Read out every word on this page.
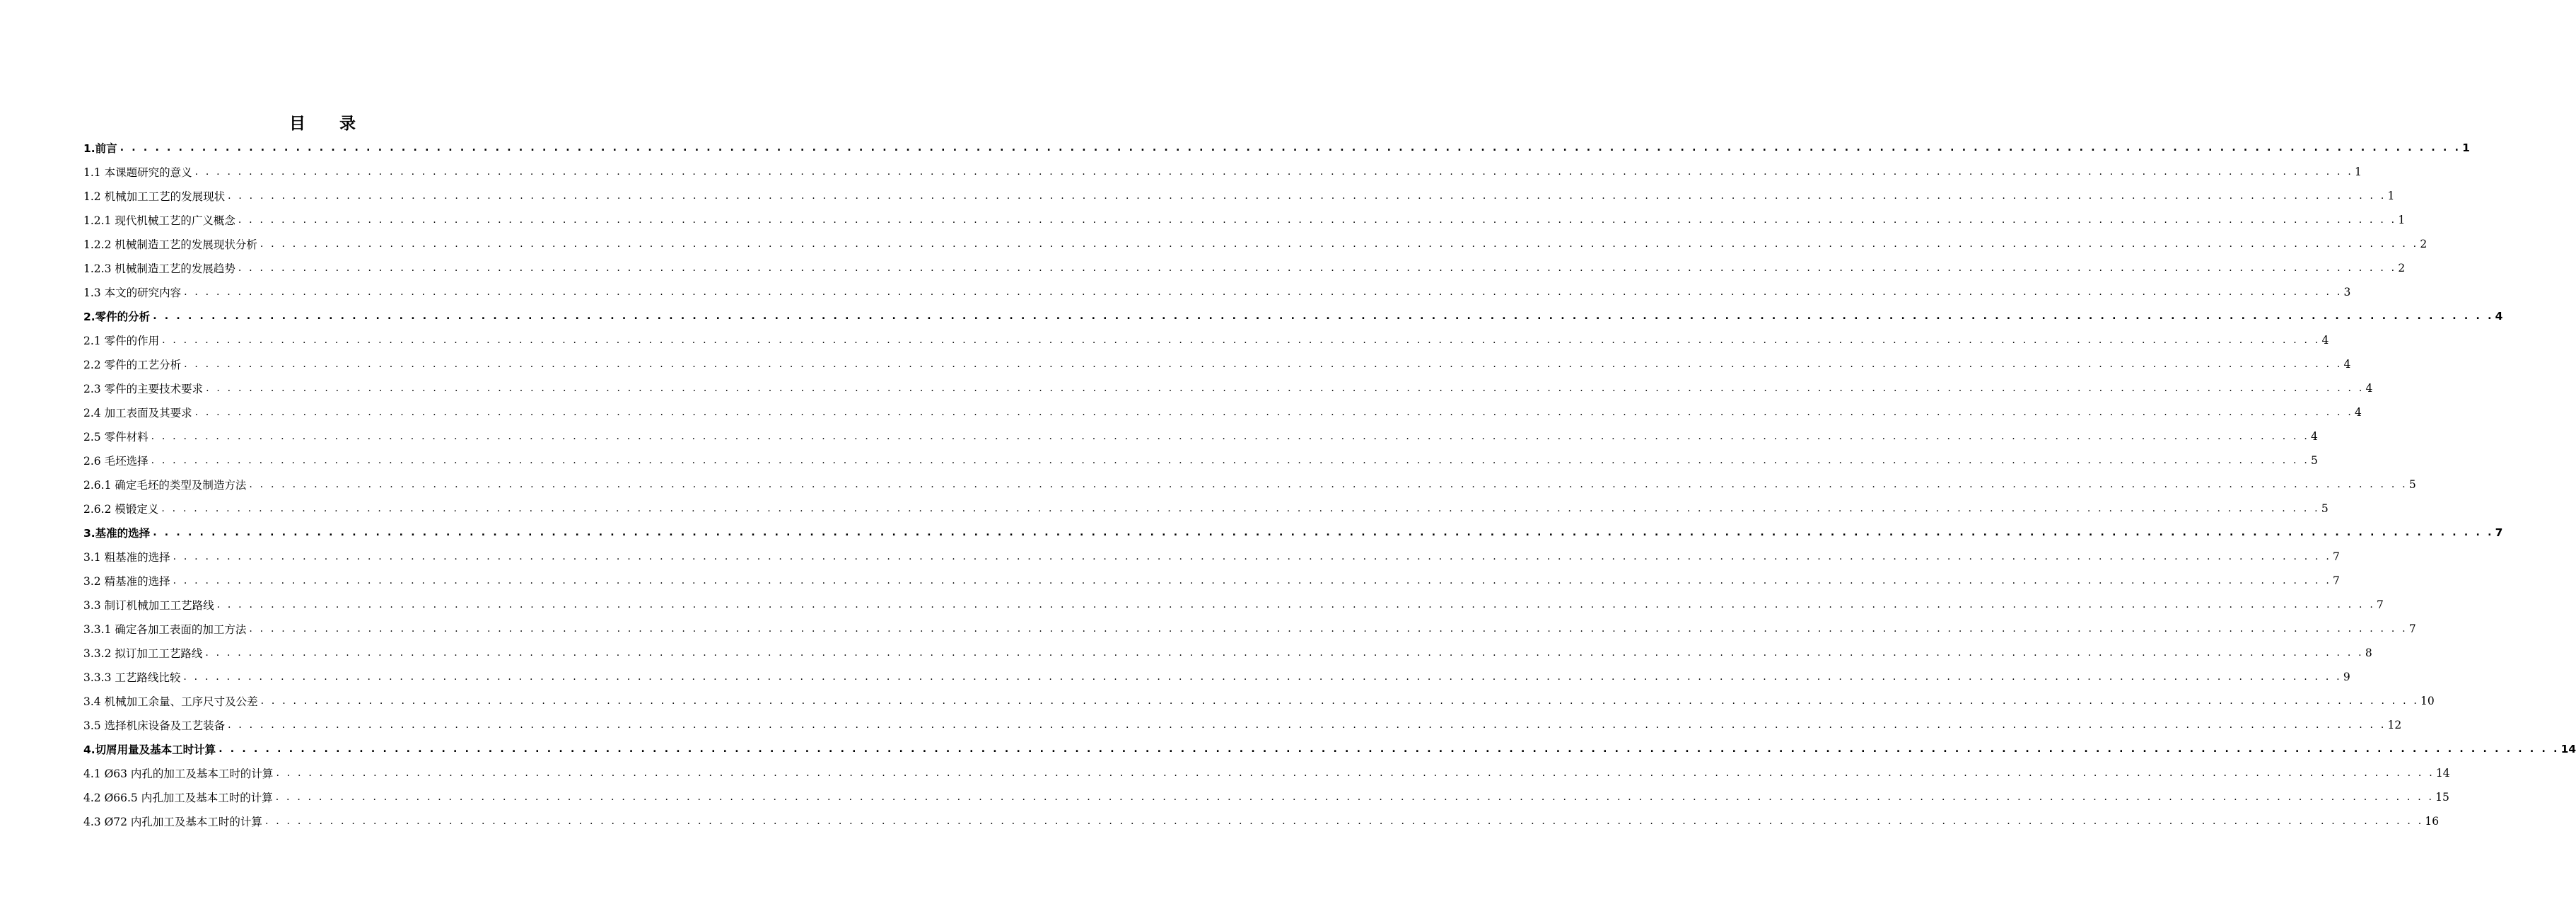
目 录
1.前言 . . . . . . . . . . . . . . . . . . . . . . . . . . . . . . . . . . . . . . . . . . . . . . . . . . . . . . . . . . . . . . . . . . . . . . . . . . . . . . . . . . . . . . . . . . . . . . . . . . . . . . . . . . . . . . . . . . . . . . . . . . . . . . . . . . . . . . . . . . . . . . . . . . . . . . . . . . . . . . . . . . . . . . . . . . . . . . . . . . . . . . . . . . . . . . . . . . . . . . . . 1
1.1 本课题研究的意义 . . . . . . . . . . . . . . . . . . . . . . . . . . . . . . . . . . . . . . . . . . . . . . . . . . . . . . . . . . . . . . . . . . . . . . . . . . . . . . . . . . . . . . . . . . . . . . . . . . . . . . . . . . . . . . . . . . . . . . . . . . . . . . . . . . . . . . . . . . . . . . . . . . . . . . . . . . . . . . . . . . . . . . . . . . . . . . . . . . . . . . . . . . . . . . . . . . . . . . . . 1
1.2 机械加工工艺的发展现状 . . . . . . . . . . . . . . . . . . . . . . . . . . . . . . . . . . . . . . . . . . . . . . . . . . . . . . . . . . . . . . . . . . . . . . . . . . . . . . . . . . . . . . . . . . . . . . . . . . . . . . . . . . . . . . . . . . . . . . . . . . . . . . . . . . . . . . . . . . . . . . . . . . . . . . . . . . . . . . . . . . . . . . . . . . . . . . . . . . . . . . . . . . . . . . . . . . . . . . . . 1
1.2.1 现代机械工艺的广义概念 . . . . . . . . . . . . . . . . . . . . . . . . . . . . . . . . . . . . . . . . . . . . . . . . . . . . . . . . . . . . . . . . . . . . . . . . . . . . . . . . . . . . . . . . . . . . . . . . . . . . . . . . . . . . . . . . . . . . . . . . . . . . . . . . . . . . . . . . . . . . . . . . . . . . . . . . . . . . . . . . . . . . . . . . . . . . . . . . . . . . . . . . . . . . . . . . . . . . . . . . 1
1.2.2 机械制造工艺的发展现状分析 . . . . . . . . . . . . . . . . . . . . . . . . . . . . . . . . . . . . . . . . . . . . . . . . . . . . . . . . . . . . . . . . . . . . . . . . . . . . . . . . . . . . . . . . . . . . . . . . . . . . . . . . . . . . . . . . . . . . . . . . . . . . . . . . . . . . . . . . . . . . . . . . . . . . . . . . . . . . . . . . . . . . . . . . . . . . . . . . . . . . . . . . . . . . . . . . . . . . . . . . 2
1.2.3 机械制造工艺的发展趋势 . . . . . . . . . . . . . . . . . . . . . . . . . . . . . . . . . . . . . . . . . . . . . . . . . . . . . . . . . . . . . . . . . . . . . . . . . . . . . . . . . . . . . . . . . . . . . . . . . . . . . . . . . . . . . . . . . . . . . . . . . . . . . . . . . . . . . . . . . . . . . . . . . . . . . . . . . . . . . . . . . . . . . . . . . . . . . . . . . . . . . . . . . . . . . . . . . . . . . . . . 2
1.3 本文的研究内容 . . . . . . . . . . . . . . . . . . . . . . . . . . . . . . . . . . . . . . . . . . . . . . . . . . . . . . . . . . . . . . . . . . . . . . . . . . . . . . . . . . . . . . . . . . . . . . . . . . . . . . . . . . . . . . . . . . . . . . . . . . . . . . . . . . . . . . . . . . . . . . . . . . . . . . . . . . . . . . . . . . . . . . . . . . . . . . . . . . . . . . . . . . . . . . . . . . . . . . . . 3
2.零件的分析 . . . . . . . . . . . . . . . . . . . . . . . . . . . . . . . . . . . . . . . . . . . . . . . . . . . . . . . . . . . . . . . . . . . . . . . . . . . . . . . . . . . . . . . . . . . . . . . . . . . . . . . . . . . . . . . . . . . . . . . . . . . . . . . . . . . . . . . . . . . . . . . . . . . . . . . . . . . . . . . . . . . . . . . . . . . . . . . . . . . . . . . . . . . . . . . . . . . . . . . . 4
2.1 零件的作用 . . . . . . . . . . . . . . . . . . . . . . . . . . . . . . . . . . . . . . . . . . . . . . . . . . . . . . . . . . . . . . . . . . . . . . . . . . . . . . . . . . . . . . . . . . . . . . . . . . . . . . . . . . . . . . . . . . . . . . . . . . . . . . . . . . . . . . . . . . . . . . . . . . . . . . . . . . . . . . . . . . . . . . . . . . . . . . . . . . . . . . . . . . . . . . . . . . . . . . . . 4
2.2 零件的工艺分析 . . . . . . . . . . . . . . . . . . . . . . . . . . . . . . . . . . . . . . . . . . . . . . . . . . . . . . . . . . . . . . . . . . . . . . . . . . . . . . . . . . . . . . . . . . . . . . . . . . . . . . . . . . . . . . . . . . . . . . . . . . . . . . . . . . . . . . . . . . . . . . . . . . . . . . . . . . . . . . . . . . . . . . . . . . . . . . . . . . . . . . . . . . . . . . . . . . . . . . . . 4
2.3 零件的主要技术要求 . . . . . . . . . . . . . . . . . . . . . . . . . . . . . . . . . . . . . . . . . . . . . . . . . . . . . . . . . . . . . . . . . . . . . . . . . . . . . . . . . . . . . . . . . . . . . . . . . . . . . . . . . . . . . . . . . . . . . . . . . . . . . . . . . . . . . . . . . . . . . . . . . . . . . . . . . . . . . . . . . . . . . . . . . . . . . . . . . . . . . . . . . . . . . . . . . . . . . . . . 4
2.4 加工表面及其要求 . . . . . . . . . . . . . . . . . . . . . . . . . . . . . . . . . . . . . . . . . . . . . . . . . . . . . . . . . . . . . . . . . . . . . . . . . . . . . . . . . . . . . . . . . . . . . . . . . . . . . . . . . . . . . . . . . . . . . . . . . . . . . . . . . . . . . . . . . . . . . . . . . . . . . . . . . . . . . . . . . . . . . . . . . . . . . . . . . . . . . . . . . . . . . . . . . . . . . . . . 4
2.5 零件材料 . . . . . . . . . . . . . . . . . . . . . . . . . . . . . . . . . . . . . . . . . . . . . . . . . . . . . . . . . . . . . . . . . . . . . . . . . . . . . . . . . . . . . . . . . . . . . . . . . . . . . . . . . . . . . . . . . . . . . . . . . . . . . . . . . . . . . . . . . . . . . . . . . . . . . . . . . . . . . . . . . . . . . . . . . . . . . . . . . . . . . . . . . . . . . . . . . . . . . . . . 4
2.6 毛坯选择 . . . . . . . . . . . . . . . . . . . . . . . . . . . . . . . . . . . . . . . . . . . . . . . . . . . . . . . . . . . . . . . . . . . . . . . . . . . . . . . . . . . . . . . . . . . . . . . . . . . . . . . . . . . . . . . . . . . . . . . . . . . . . . . . . . . . . . . . . . . . . . . . . . . . . . . . . . . . . . . . . . . . . . . . . . . . . . . . . . . . . . . . . . . . . . . . . . . . . . . . 5
2.6.1 确定毛坯的类型及制造方法 . . . . . . . . . . . . . . . . . . . . . . . . . . . . . . . . . . . . . . . . . . . . . . . . . . . . . . . . . . . . . . . . . . . . . . . . . . . . . . . . . . . . . . . . . . . . . . . . . . . . . . . . . . . . . . . . . . . . . . . . . . . . . . . . . . . . . . . . . . . . . . . . . . . . . . . . . . . . . . . . . . . . . . . . . . . . . . . . . . . . . . . . . . . . . . . . . . . . . . . . 5
2.6.2 模锻定义 . . . . . . . . . . . . . . . . . . . . . . . . . . . . . . . . . . . . . . . . . . . . . . . . . . . . . . . . . . . . . . . . . . . . . . . . . . . . . . . . . . . . . . . . . . . . . . . . . . . . . . . . . . . . . . . . . . . . . . . . . . . . . . . . . . . . . . . . . . . . . . . . . . . . . . . . . . . . . . . . . . . . . . . . . . . . . . . . . . . . . . . . . . . . . . . . . . . . . . . . 5
3.基准的选择 . . . . . . . . . . . . . . . . . . . . . . . . . . . . . . . . . . . . . . . . . . . . . . . . . . . . . . . . . . . . . . . . . . . . . . . . . . . . . . . . . . . . . . . . . . . . . . . . . . . . . . . . . . . . . . . . . . . . . . . . . . . . . . . . . . . . . . . . . . . . . . . . . . . . . . . . . . . . . . . . . . . . . . . . . . . . . . . . . . . . . . . . . . . . . . . . . . . . . . . . 7
3.1 粗基准的选择 . . . . . . . . . . . . . . . . . . . . . . . . . . . . . . . . . . . . . . . . . . . . . . . . . . . . . . . . . . . . . . . . . . . . . . . . . . . . . . . . . . . . . . . . . . . . . . . . . . . . . . . . . . . . . . . . . . . . . . . . . . . . . . . . . . . . . . . . . . . . . . . . . . . . . . . . . . . . . . . . . . . . . . . . . . . . . . . . . . . . . . . . . . . . . . . . . . . . . . . . 7
3.2 精基准的选择 . . . . . . . . . . . . . . . . . . . . . . . . . . . . . . . . . . . . . . . . . . . . . . . . . . . . . . . . . . . . . . . . . . . . . . . . . . . . . . . . . . . . . . . . . . . . . . . . . . . . . . . . . . . . . . . . . . . . . . . . . . . . . . . . . . . . . . . . . . . . . . . . . . . . . . . . . . . . . . . . . . . . . . . . . . . . . . . . . . . . . . . . . . . . . . . . . . . . . . . . 7
3.3 制订机械加工工艺路线 . . . . . . . . . . . . . . . . . . . . . . . . . . . . . . . . . . . . . . . . . . . . . . . . . . . . . . . . . . . . . . . . . . . . . . . . . . . . . . . . . . . . . . . . . . . . . . . . . . . . . . . . . . . . . . . . . . . . . . . . . . . . . . . . . . . . . . . . . . . . . . . . . . . . . . . . . . . . . . . . . . . . . . . . . . . . . . . . . . . . . . . . . . . . . . . . . . . . . . . . 7
3.3.1 确定各加工表面的加工方法 . . . . . . . . . . . . . . . . . . . . . . . . . . . . . . . . . . . . . . . . . . . . . . . . . . . . . . . . . . . . . . . . . . . . . . . . . . . . . . . . . . . . . . . . . . . . . . . . . . . . . . . . . . . . . . . . . . . . . . . . . . . . . . . . . . . . . . . . . . . . . . . . . . . . . . . . . . . . . . . . . . . . . . . . . . . . . . . . . . . . . . . . . . . . . . . . . . . . . . . . 7
3.3.2 拟订加工工艺路线 . . . . . . . . . . . . . . . . . . . . . . . . . . . . . . . . . . . . . . . . . . . . . . . . . . . . . . . . . . . . . . . . . . . . . . . . . . . . . . . . . . . . . . . . . . . . . . . . . . . . . . . . . . . . . . . . . . . . . . . . . . . . . . . . . . . . . . . . . . . . . . . . . . . . . . . . . . . . . . . . . . . . . . . . . . . . . . . . . . . . . . . . . . . . . . . . . . . . . . . . 8
3.3.3 工艺路线比较 . . . . . . . . . . . . . . . . . . . . . . . . . . . . . . . . . . . . . . . . . . . . . . . . . . . . . . . . . . . . . . . . . . . . . . . . . . . . . . . . . . . . . . . . . . . . . . . . . . . . . . . . . . . . . . . . . . . . . . . . . . . . . . . . . . . . . . . . . . . . . . . . . . . . . . . . . . . . . . . . . . . . . . . . . . . . . . . . . . . . . . . . . . . . . . . . . . . . . . . . 9
3.4 机械加工余量、工序尺寸及公差 . . . . . . . . . . . . . . . . . . . . . . . . . . . . . . . . . . . . . . . . . . . . . . . . . . . . . . . . . . . . . . . . . . . . . . . . . . . . . . . . . . . . . . . . . . . . . . . . . . . . . . . . . . . . . . . . . . . . . . . . . . . . . . . . . . . . . . . . . . . . . . . . . . . . . . . . . . . . . . . . . . . . . . . . . . . . . . . . . . . . . . . . . . . . . . . . . . . . . . . . 10
3.5 选择机床设备及工艺装备 . . . . . . . . . . . . . . . . . . . . . . . . . . . . . . . . . . . . . . . . . . . . . . . . . . . . . . . . . . . . . . . . . . . . . . . . . . . . . . . . . . . . . . . . . . . . . . . . . . . . . . . . . . . . . . . . . . . . . . . . . . . . . . . . . . . . . . . . . . . . . . . . . . . . . . . . . . . . . . . . . . . . . . . . . . . . . . . . . . . . . . . . . . . . . . . . . . . . . . . . 12
4.切屑用量及基本工时计算 . . . . . . . . . . . . . . . . . . . . . . . . . . . . . . . . . . . . . . . . . . . . . . . . . . . . . . . . . . . . . . . . . . . . . . . . . . . . . . . . . . . . . . . . . . . . . . . . . . . . . . . . . . . . . . . . . . . . . . . . . . . . . . . . . . . . . . . . . . . . . . . . . . . . . . . . . . . . . . . . . . . . . . . . . . . . . . . . . . . . . . . . . . . . . . . . . . . . . . . . 14
4.1 Ø63 内孔的加工及基本工时的计算 . . . . . . . . . . . . . . . . . . . . . . . . . . . . . . . . . . . . . . . . . . . . . . . . . . . . . . . . . . . . . . . . . . . . . . . . . . . . . . . . . . . . . . . . . . . . . . . . . . . . . . . . . . . . . . . . . . . . . . . . . . . . . . . . . . . . . . . . . . . . . . . . . . . . . . . . . . . . . . . . . . . . . . . . . . . . . . . . . . . . . . . . . . . . . . . . . . . . . . . . 14
4.2 Ø66.5 内孔加工及基本工时的计算 . . . . . . . . . . . . . . . . . . . . . . . . . . . . . . . . . . . . . . . . . . . . . . . . . . . . . . . . . . . . . . . . . . . . . . . . . . . . . . . . . . . . . . . . . . . . . . . . . . . . . . . . . . . . . . . . . . . . . . . . . . . . . . . . . . . . . . . . . . . . . . . . . . . . . . . . . . . . . . . . . . . . . . . . . . . . . . . . . . . . . . . . . . . . . . . . . . . . . . . . 15
4.3 Ø72 内孔加工及基本工时的计算 . . . . . . . . . . . . . . . . . . . . . . . . . . . . . . . . . . . . . . . . . . . . . . . . . . . . . . . . . . . . . . . . . . . . . . . . . . . . . . . . . . . . . . . . . . . . . . . . . . . . . . . . . . . . . . . . . . . . . . . . . . . . . . . . . . . . . . . . . . . . . . . . . . . . . . . . . . . . . . . . . . . . . . . . . . . . . . . . . . . . . . . . . . . . . . . . . . . . . . . . 16
